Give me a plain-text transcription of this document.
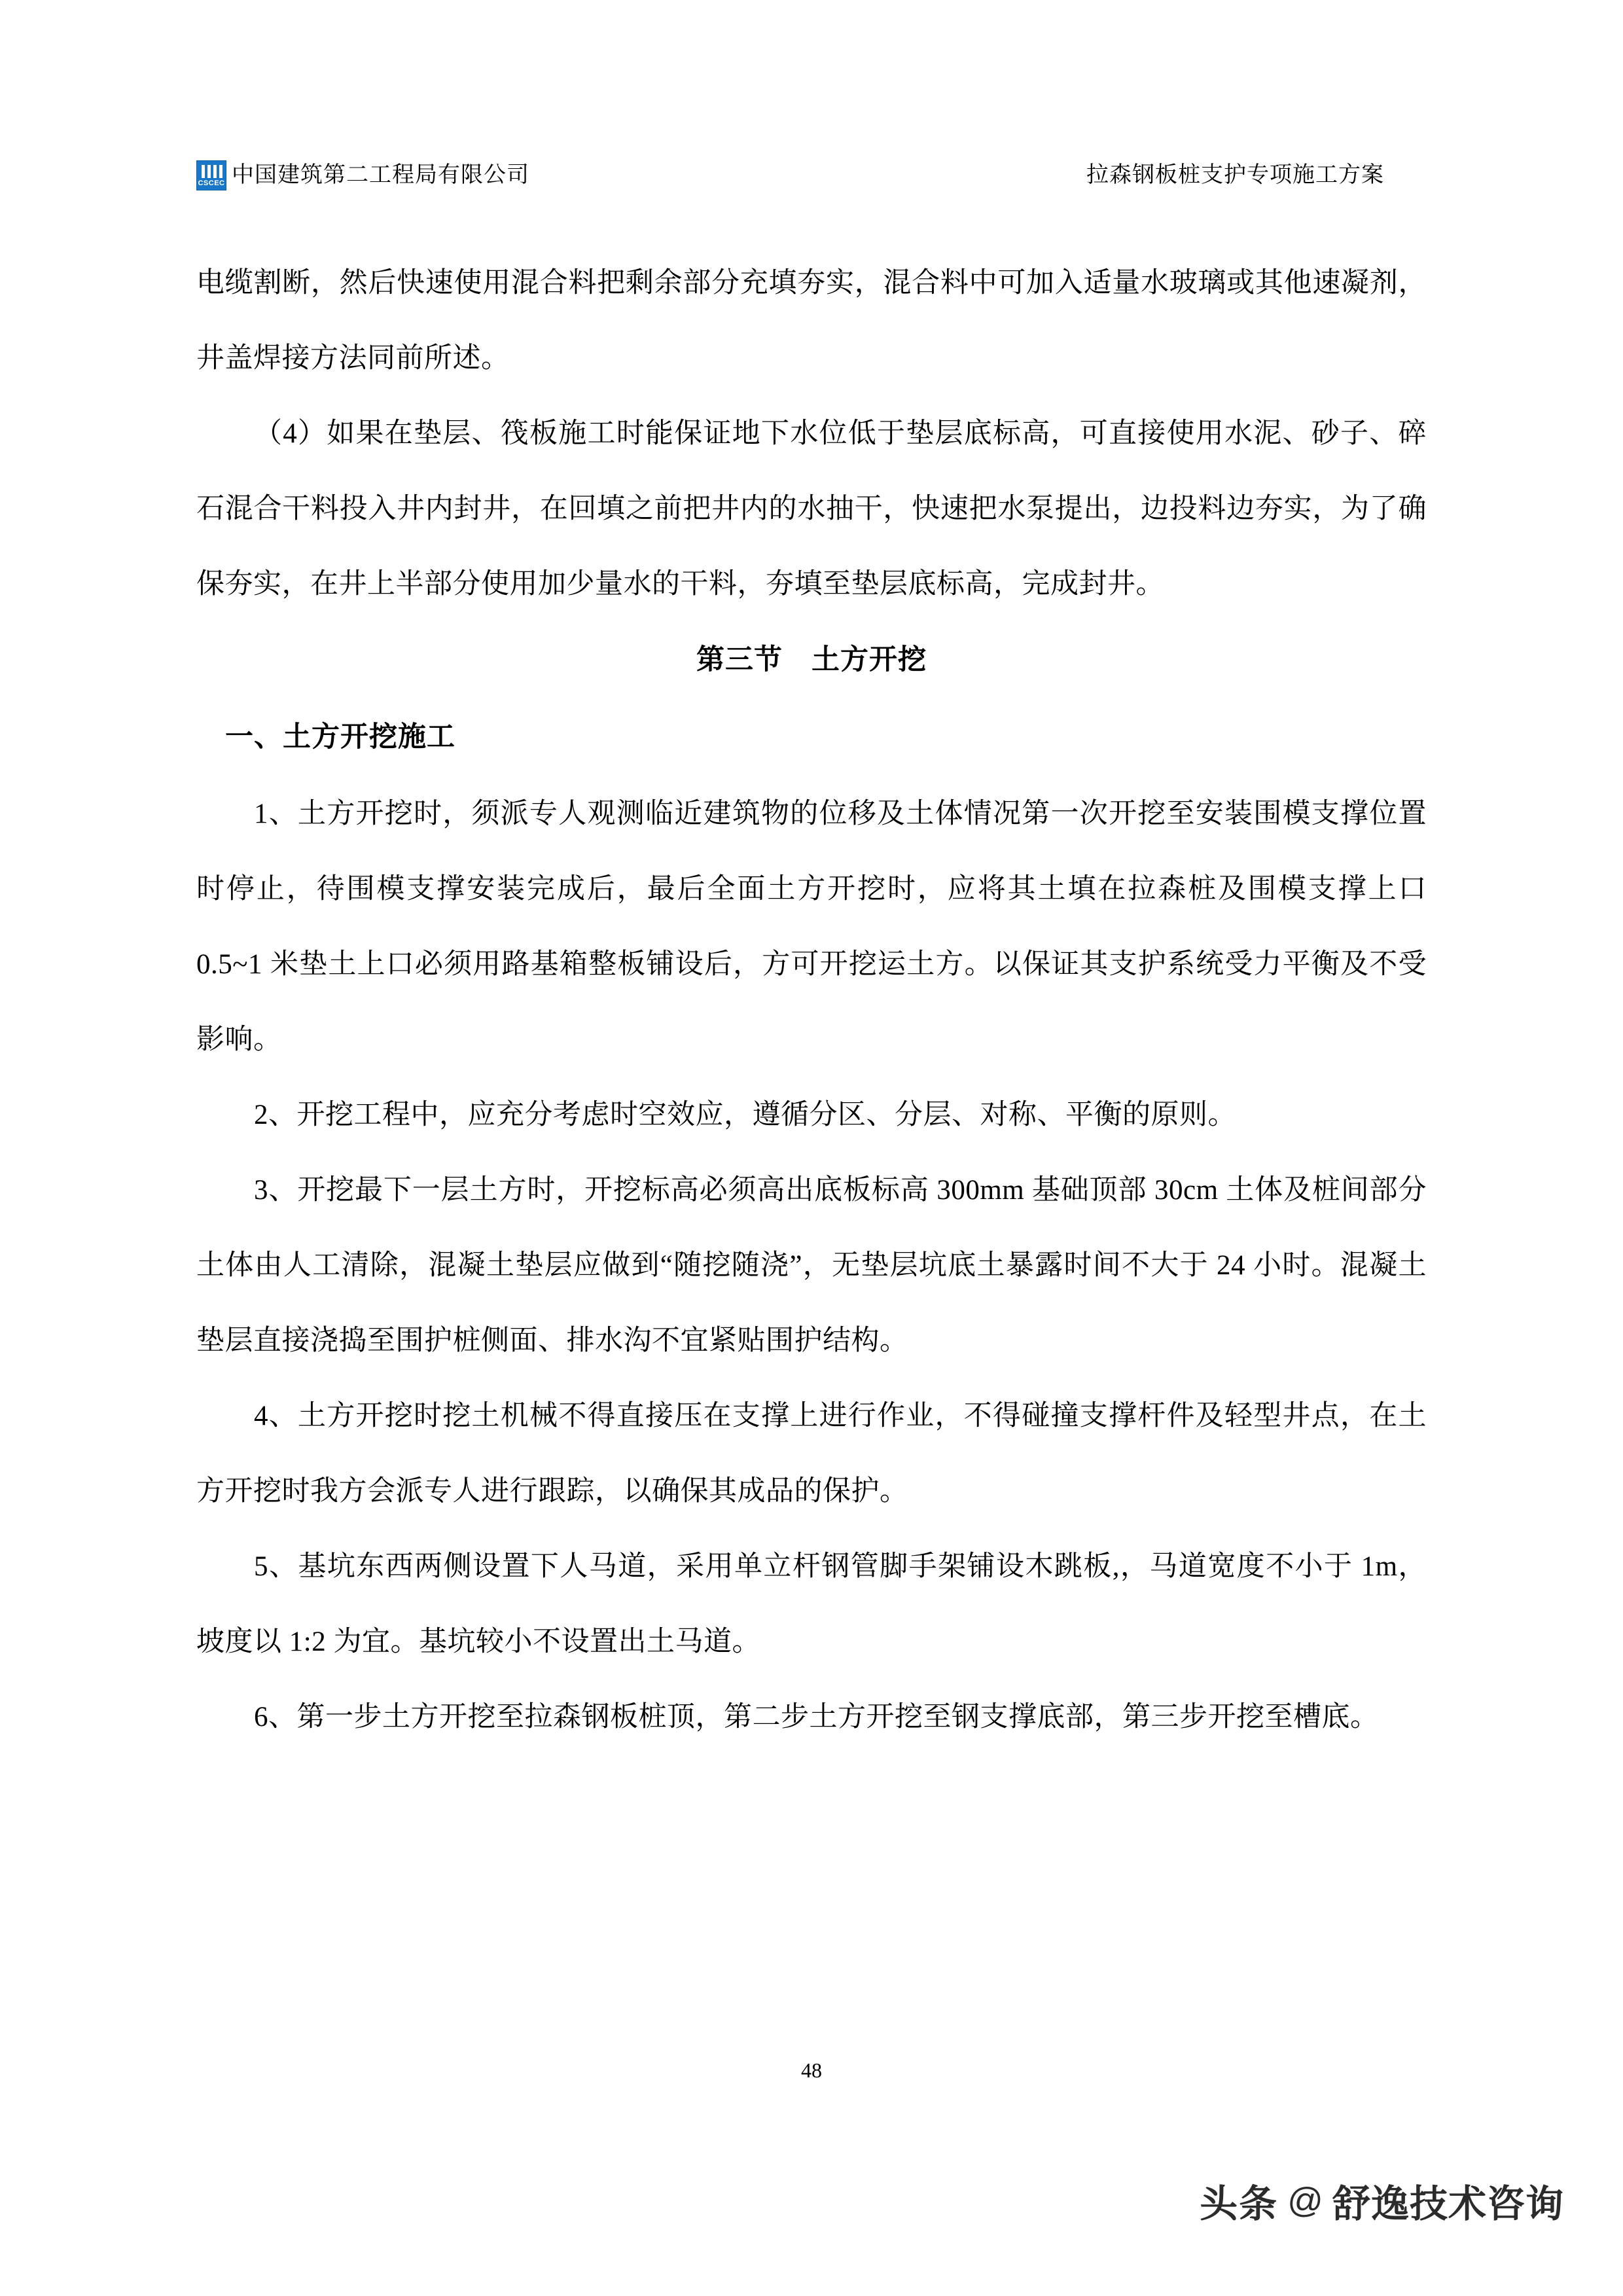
CSCEC 中国建筑第二工程局有限公司	拉森钢板桩支护专项施工方案

电缆割断，然后快速使用混合料把剩余部分充填夯实，混合料中可加入适量水玻璃或其他速凝剂，井盖焊接方法同前所述。

（4）如果在垫层、筏板施工时能保证地下水位低于垫层底标高，可直接使用水泥、砂子、碎石混合干料投入井内封井，在回填之前把井内的水抽干，快速把水泵提出，边投料边夯实，为了确保夯实，在井上半部分使用加少量水的干料，夯填至垫层底标高，完成封井。

第三节　土方开挖

一、土方开挖施工

1、土方开挖时，须派专人观测临近建筑物的位移及土体情况第一次开挖至安装围模支撑位置时停止，待围模支撑安装完成后，最后全面土方开挖时，应将其土填在拉森桩及围模支撑上口 0.5~1 米垫土上口必须用路基箱整板铺设后，方可开挖运土方。以保证其支护系统受力平衡及不受影响。

2、开挖工程中，应充分考虑时空效应，遵循分区、分层、对称、平衡的原则。

3、开挖最下一层土方时，开挖标高必须高出底板标高 300mm 基础顶部 30cm 土体及桩间部分土体由人工清除，混凝土垫层应做到“随挖随浇”，无垫层坑底土暴露时间不大于 24 小时。混凝土垫层直接浇捣至围护桩侧面、排水沟不宜紧贴围护结构。

4、土方开挖时挖土机械不得直接压在支撑上进行作业，不得碰撞支撑杆件及轻型井点，在土方开挖时我方会派专人进行跟踪，以确保其成品的保护。

5、基坑东西两侧设置下人马道，采用单立杆钢管脚手架铺设木跳板,，马道宽度不小于 1m，坡度以 1:2 为宜。基坑较小不设置出土马道。

6、第一步土方开挖至拉森钢板桩顶，第二步土方开挖至钢支撑底部，第三步开挖至槽底。

48
头条 @ 舒逸技术咨询
